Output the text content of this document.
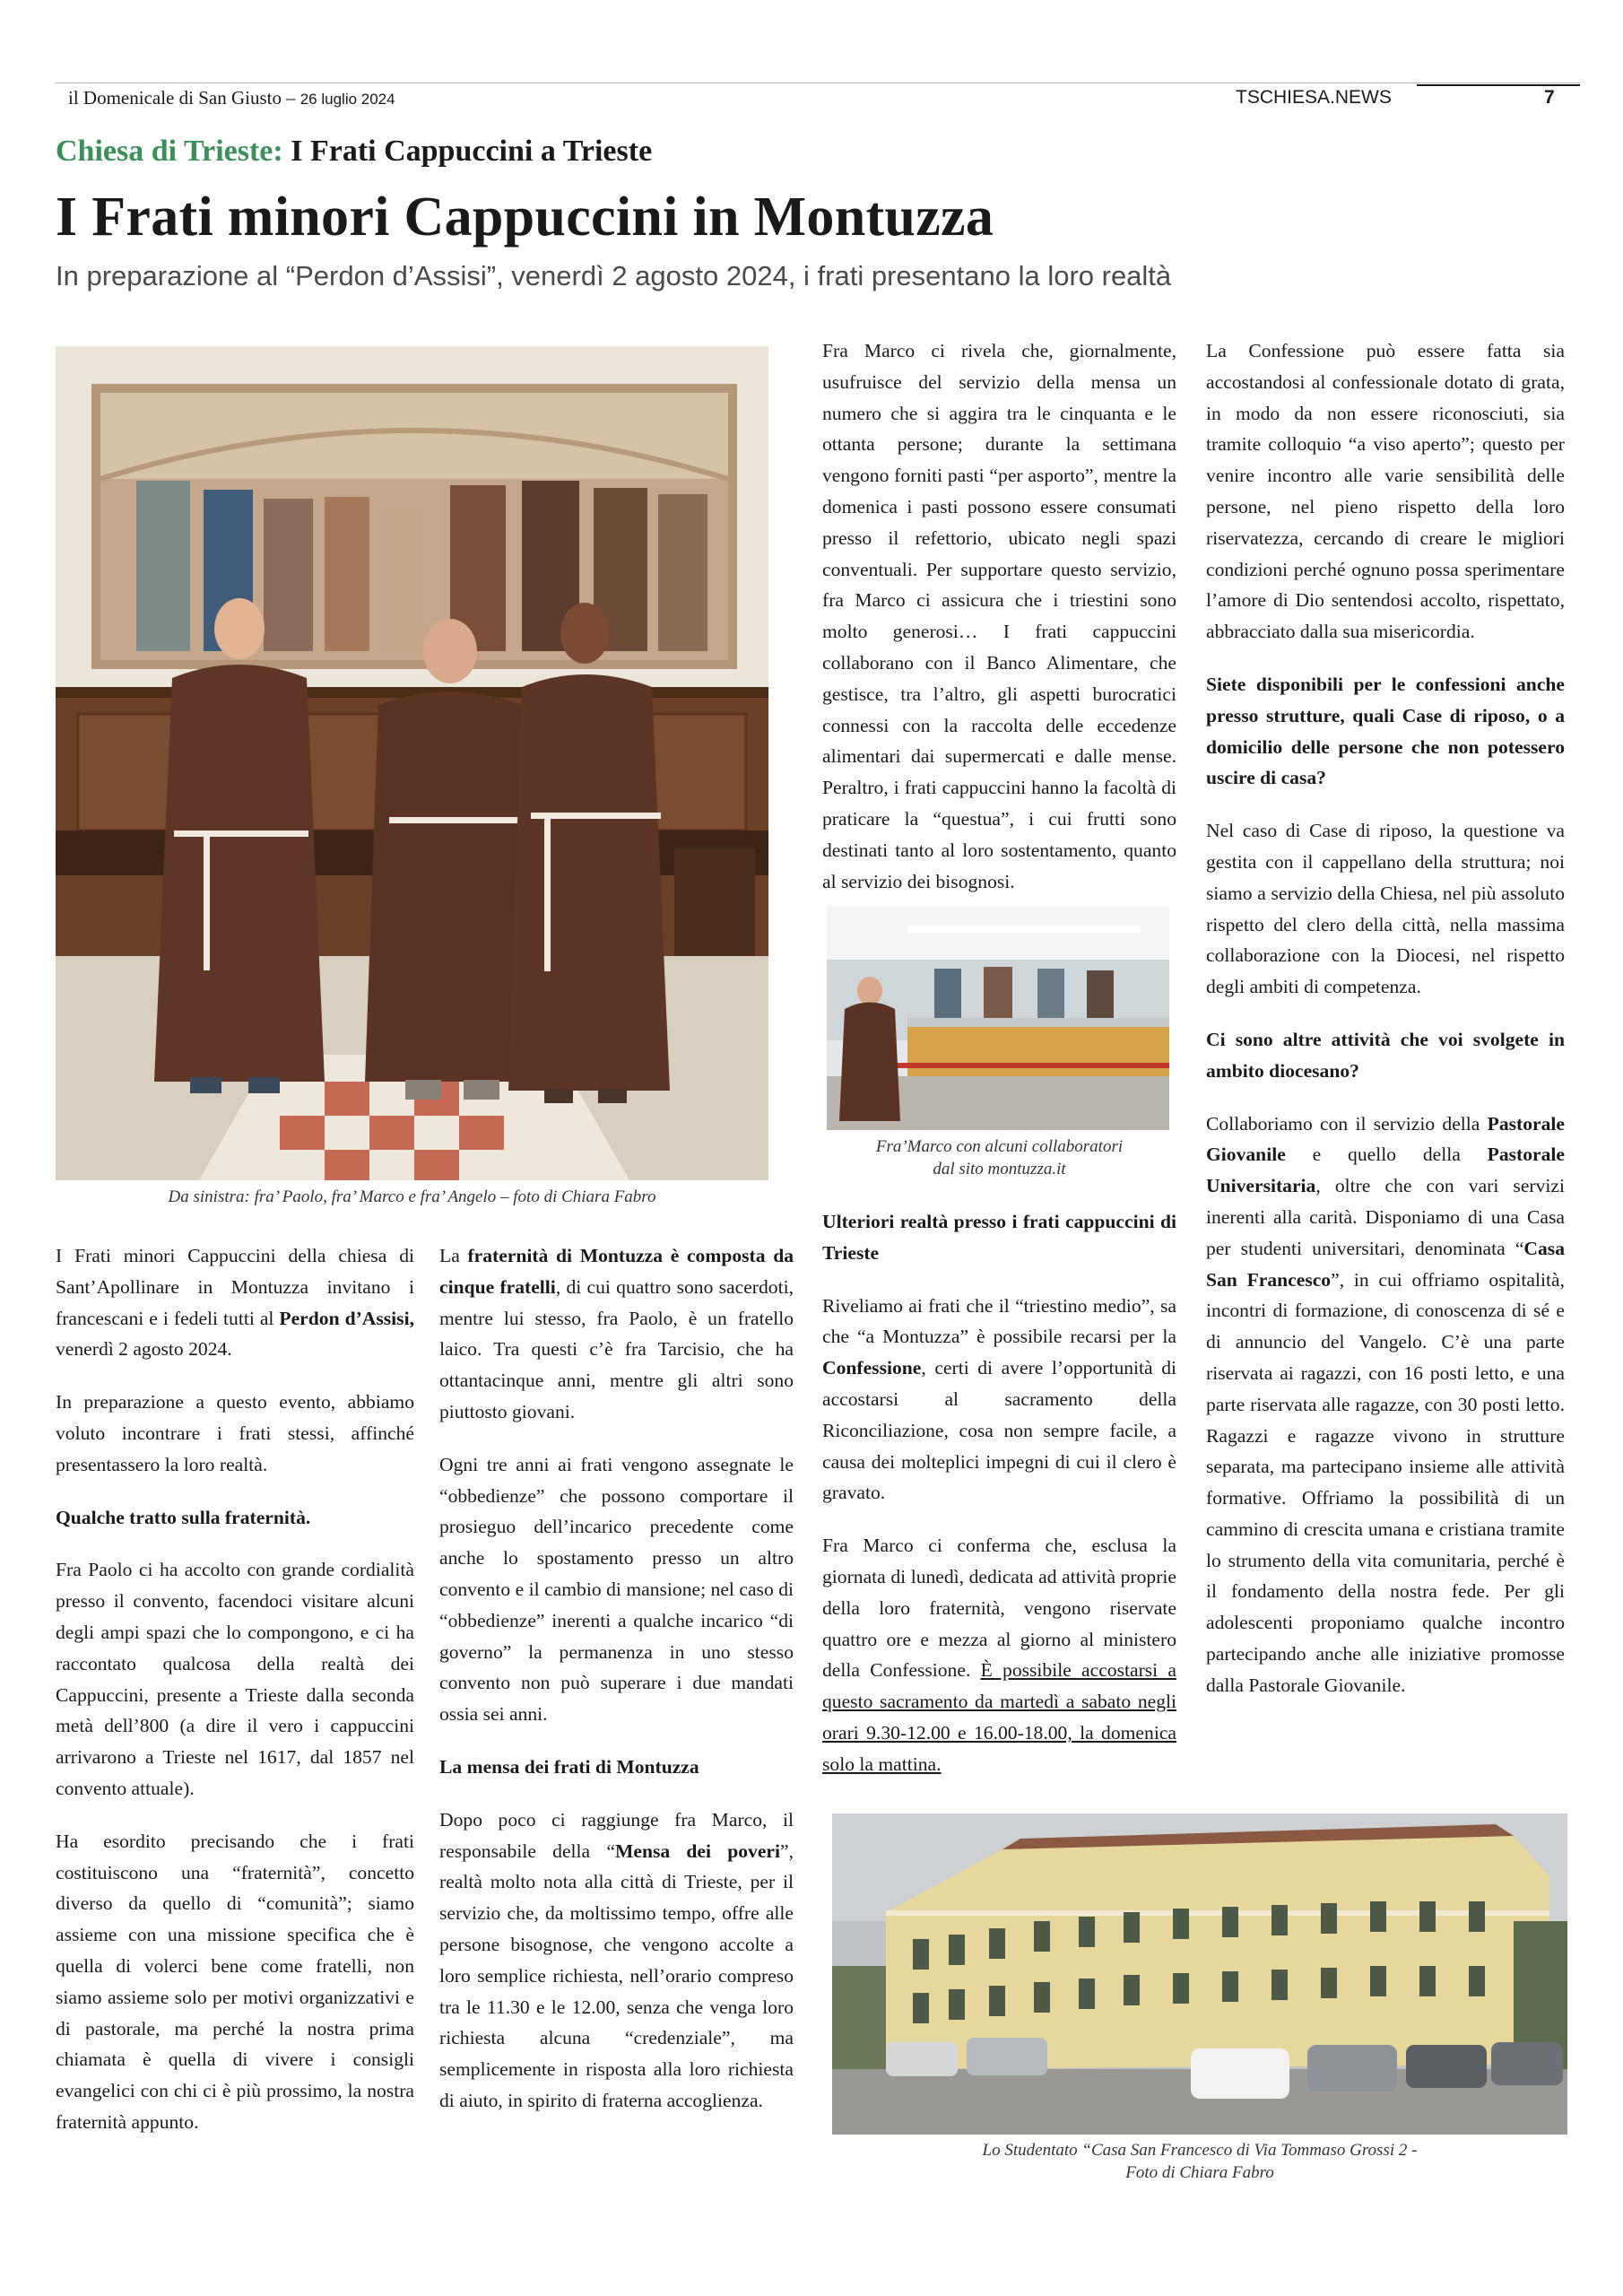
il Domenicale di San Giusto – 26 luglio 2024	TSCHIESA.NEWS	7
Chiesa di Trieste: I Frati Cappuccini a Trieste
I Frati minori Cappuccini in Montuzza
In preparazione al “Perdon d’Assisi”, venerdì 2 agosto 2024, i frati presentano la loro realtà
Da sinistra: fra’ Paolo, fra’ Marco e fra’ Angelo – foto di Chiara Fabro

I Frati minori Cappuccini della chiesa di Sant’Apollinare in Montuzza invitano i francescani e i fedeli tutti al Perdon d’Assisi, venerdì 2 agosto 2024.

In preparazione a questo evento, abbiamo voluto incontrare i frati stessi, affinché presentassero la loro realtà.

Qualche tratto sulla fraternità.

Fra Paolo ci ha accolto con grande cordialità presso il convento, facendoci visitare alcuni degli ampi spazi che lo compongono, e ci ha raccontato qualcosa della realtà dei Cappuccini, presente a Trieste dalla seconda metà dell’800 (a dire il vero i cappuccini arrivarono a Trieste nel 1617, dal 1857 nel convento attuale).

Ha esordito precisando che i frati costituiscono una “fraternità”, concetto diverso da quello di “comunità”; siamo assieme con una missione specifica che è quella di volerci bene come fratelli, non siamo assieme solo per motivi organizzativi e di pastorale, ma perché la nostra prima chiamata è quella di vivere i consigli evangelici con chi ci è più prossimo, la nostra fraternità appunto.

La fraternità di Montuzza è composta da cinque fratelli, di cui quattro sono sacerdoti, mentre lui stesso, fra Paolo, è un fratello laico. Tra questi c’è fra Tarcisio, che ha ottantacinque anni, mentre gli altri sono piuttosto giovani.

Ogni tre anni ai frati vengono assegnate le “obbedienze” che possono comportare il prosieguo dell’incarico precedente come anche lo spostamento presso un altro convento e il cambio di mansione; nel caso di “obbedienze” inerenti a qualche incarico “di governo” la permanenza in uno stesso convento non può superare i due mandati ossia sei anni.

La mensa dei frati di Montuzza

Dopo poco ci raggiunge fra Marco, il responsabile della “Mensa dei poveri”, realtà molto nota alla città di Trieste, per il servizio che, da moltissimo tempo, offre alle persone bisognose, che vengono accolte a loro semplice richiesta, nell’orario compreso tra le 11.30 e le 12.00, senza che venga loro richiesta alcuna “credenziale”, ma semplicemente in risposta alla loro richiesta di aiuto, in spirito di fraterna accoglienza.

Fra Marco ci rivela che, giornalmente, usufruisce del servizio della mensa un numero che si aggira tra le cinquanta e le ottanta persone; durante la settimana vengono forniti pasti “per asporto”, mentre la domenica i pasti possono essere consumati presso il refettorio, ubicato negli spazi conventuali. Per supportare questo servizio, fra Marco ci assicura che i triestini sono molto generosi… I frati cappuccini collaborano con il Banco Alimentare, che gestisce, tra l’altro, gli aspetti burocratici connessi con la raccolta delle eccedenze alimentari dai supermercati e dalle mense. Peraltro, i frati cappuccini hanno la facoltà di praticare la “questua”, i cui frutti sono destinati tanto al loro sostentamento, quanto al servizio dei bisognosi.

Fra’Marco con alcuni collaboratori
dal sito montuzza.it

Ulteriori realtà presso i frati cappuccini di Trieste

Riveliamo ai frati che il “triestino medio”, sa che “a Montuzza” è possibile recarsi per la Confessione, certi di avere l’opportunità di accostarsi al sacramento della Riconciliazione, cosa non sempre facile, a causa dei molteplici impegni di cui il clero è gravato.

Fra Marco ci conferma che, esclusa la giornata di lunedì, dedicata ad attività proprie della loro fraternità, vengono riservate quattro ore e mezza al giorno al ministero della Confessione. È possibile accostarsi a questo sacramento da martedì a sabato negli orari 9.30-12.00 e 16.00-18.00, la domenica solo la mattina.

La Confessione può essere fatta sia accostandosi al confessionale dotato di grata, in modo da non essere riconosciuti, sia tramite colloquio “a viso aperto”; questo per venire incontro alle varie sensibilità delle persone, nel pieno rispetto della loro riservatezza, cercando di creare le migliori condizioni perché ognuno possa sperimentare l’amore di Dio sentendosi accolto, rispettato, abbracciato dalla sua misericordia.

Siete disponibili per le confessioni anche presso strutture, quali Case di riposo, o a domicilio delle persone che non potessero uscire di casa?

Nel caso di Case di riposo, la questione va gestita con il cappellano della struttura; noi siamo a servizio della Chiesa, nel più assoluto rispetto del clero della città, nella massima collaborazione con la Diocesi, nel rispetto degli ambiti di competenza.

Ci sono altre attività che voi svolgete in ambito diocesano?

Collaboriamo con il servizio della Pastorale Giovanile e quello della Pastorale Universitaria, oltre che con vari servizi inerenti alla carità. Disponiamo di una Casa per studenti universitari, denominata “Casa San Francesco”, in cui offriamo ospitalità, incontri di formazione, di conoscenza di sé e di annuncio del Vangelo. C’è una parte riservata ai ragazzi, con 16 posti letto, e una parte riservata alle ragazze, con 30 posti letto. Ragazzi e ragazze vivono in strutture separata, ma partecipano insieme alle attività formative. Offriamo la possibilità di un cammino di crescita umana e cristiana tramite lo strumento della vita comunitaria, perché è il fondamento della nostra fede. Per gli adolescenti proponiamo qualche incontro partecipando anche alle iniziative promosse dalla Pastorale Giovanile.

Lo Studentato “Casa San Francesco di Via Tommaso Grossi 2 -
Foto di Chiara Fabro
